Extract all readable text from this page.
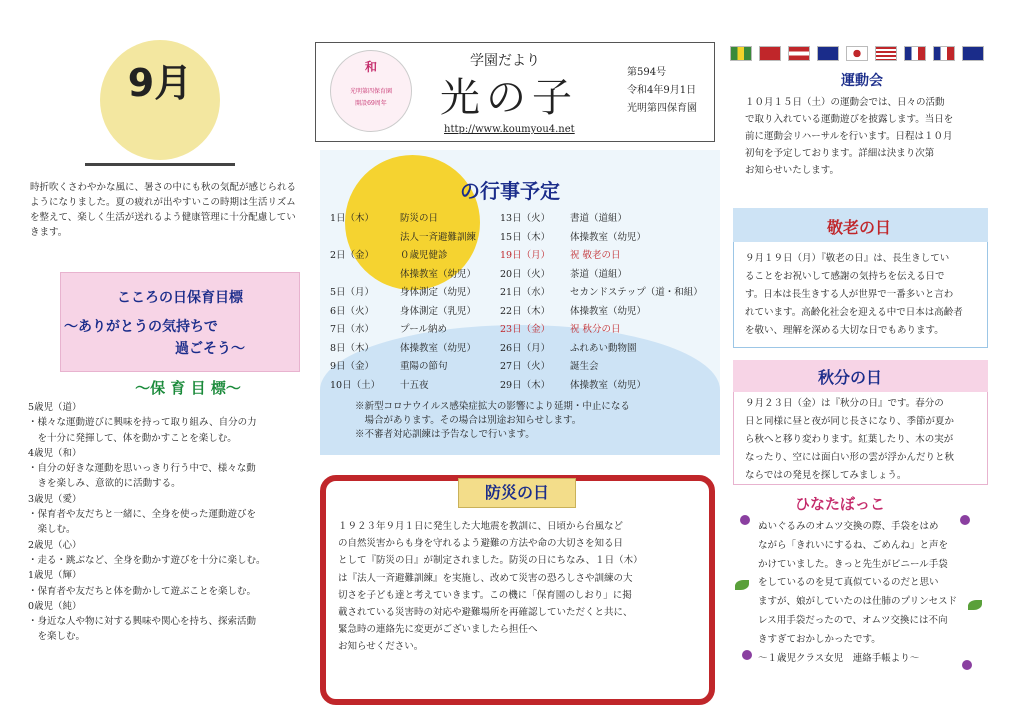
9月

時折吹くさわやかな風に、暑さの中にも秋の気配が感じられるようになりました。夏の疲れが出やすいこの時期は生活リズムを整えて、楽しく生活が送れるよう健康管理に十分配慮していきます。

こころの日保育目標
～ありがとうの気持ちで
過ごそう～
～保 育 目 標～

5歳児（道）

・様々な運動遊びに興味を持って取り組み、自分の力

　を十分に発揮して、体を動かすことを楽しむ。

4歳児（和）

・自分の好きな運動を思いっきり行う中で、様々な動

　きを楽しみ、意欲的に活動する。

3歳児（愛）

・保育者や友だちと一緒に、全身を使った運動遊びを

　楽しむ。

2歳児（心）

・走る・跳ぶなど、全身を動かす遊びを十分に楽しむ。

1歳児（輝）

・保育者や友だちと体を動かして遊ぶことを楽しむ。

0歳児（純）

・身近な人や物に対する興味や関心を持ち、探索活動

　を楽しむ。

和
光明第四保育園
開設69周年
学園だより
光の子
http://www.koumyou4.net
第594号
令和4年9月1日
光明第四保育園
の行事予定
1日（木）	防災の日
法人一斉避難訓練
2日（金）	０歳児健診
体操教室（幼児）
5日（月）	身体測定（幼児）
6日（火）	身体測定（乳児）
7日（水）	プール納め
8日（木）	体操教室（幼児）
9日（金）	重陽の節句
10日（土） 十五夜
13日（火） 書道（道組）
15日（木） 体操教室（幼児）
19日（月） 祝 敬老の日
20日（火） 茶道（道組）
21日（水） セカンドステップ（道・和組）
22日（木） 体操教室（幼児）
23日（金） 祝 秋分の日
26日（月） ふれあい動物園
27日（火） 誕生会
29日（木） 体操教室（幼児）
※新型コロナウイルス感染症拡大の影響により延期・中止になる
　場合があります。その場合は別途お知らせします。
※不審者対応訓練は予告なしで行います。
防災の日

１９２３年９月１日に発生した大地震を教訓に、日頃から台風など

の自然災害からも身を守れるよう避難の方法や命の大切さを知る日

として『防災の日』が制定されました。防災の日にちなみ、１日（木）

は『法人一斉避難訓練』を実施し、改めて災害の恐ろしさや訓練の大

切さを子ども達と考えていきます。この機に「保育園のしおり」に掲

載されている災害時の対応や避難場所を再確認していただくと共に、

緊急時の連絡先に変更がございましたら担任へ

お知らせください。

運動会

１０月１５日（土）の運動会では、日々の活動

で取り入れている運動遊びを披露します。当日を

前に運動会リハーサルを行います。日程は１０月

初旬を予定しております。詳細は決まり次第

お知らせいたします。

敬老の日

９月１９日（月）『敬老の日』は、長生きしてい

ることをお祝いして感謝の気持ちを伝える日で

す。日本は長生きする人が世界で一番多いと言わ

れています。高齢化社会を迎える中で日本は高齢者

を敬い、理解を深める大切な日でもあります。

秋分の日

９月２３日（金）は『秋分の日』です。春分の

日と同様に昼と夜が同じ長さになり、季節が夏か

ら秋へと移り変わります。紅葉したり、木の実が

なったり、空には面白い形の雲が浮かんだりと秋

ならではの発見を探してみましょう。

ひなたぼっこ

ぬいぐるみのオムツ交換の際、手袋をはめ

ながら「きれいにするね、ごめんね」と声を

かけていました。きっと先生がビニール手袋

をしているのを見て真似ているのだと思い

ますが、娘がしていたのは仕肺のプリンセスド

レス用手袋だったので、オムツ交換には不向

きすぎておかしかったです。

～１歳児クラス女児　連絡手帳より～
